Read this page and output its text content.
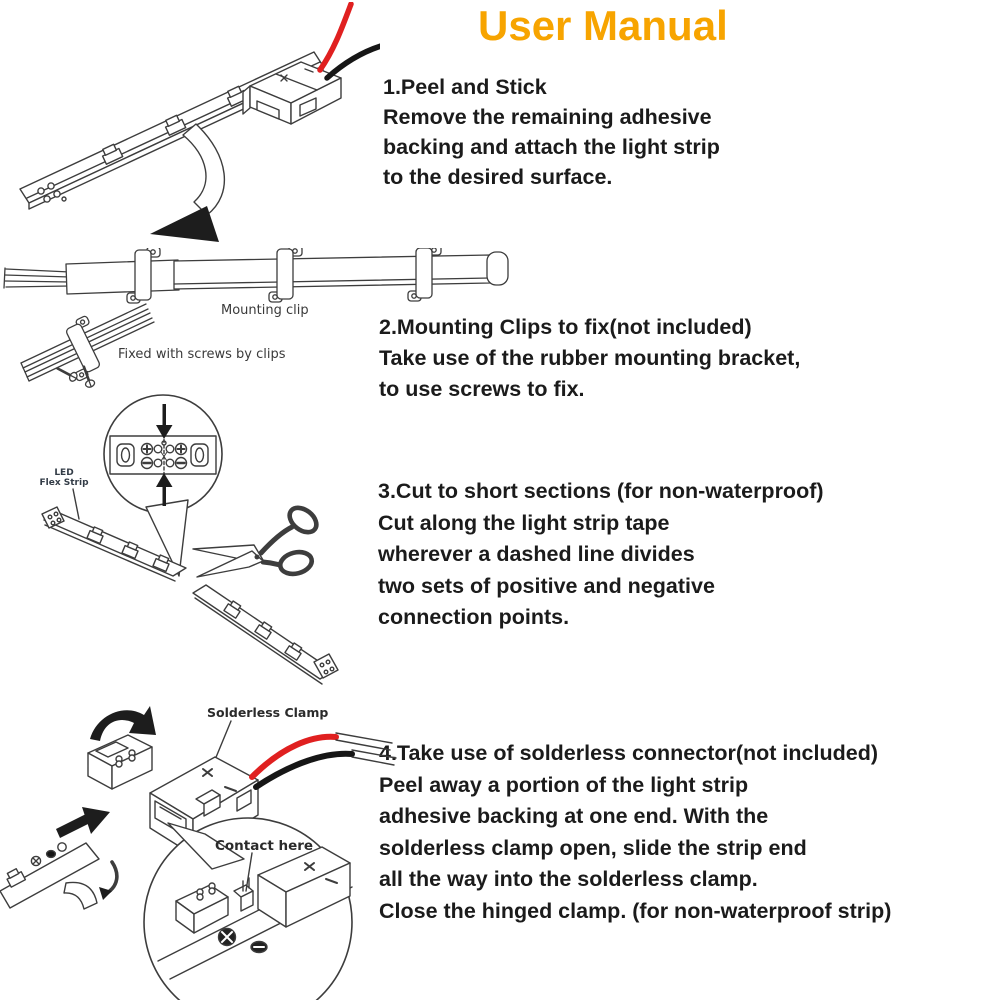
User Manual
1.Peel and Stick
Remove the remaining adhesive
backing and attach the light strip
to the desired surface.
2.Mounting Clips to fix(not included)
Take use of the rubber mounting bracket,
to use screws to fix.
3.Cut to short sections (for non-waterproof)
Cut along the light strip tape
wherever a dashed line divides
two sets of positive and negative
connection points.
4.Take use of solderless connector(not included)
Peel away a portion of the light strip
adhesive backing at one end. With the
solderless clamp open, slide the strip end
all the way into the solderless clamp.
Close the hinged clamp. (for non-waterproof strip)
Mounting clip
Fixed with screws by clips
LED
Flex Strip
Solderless Clamp
Contact here
